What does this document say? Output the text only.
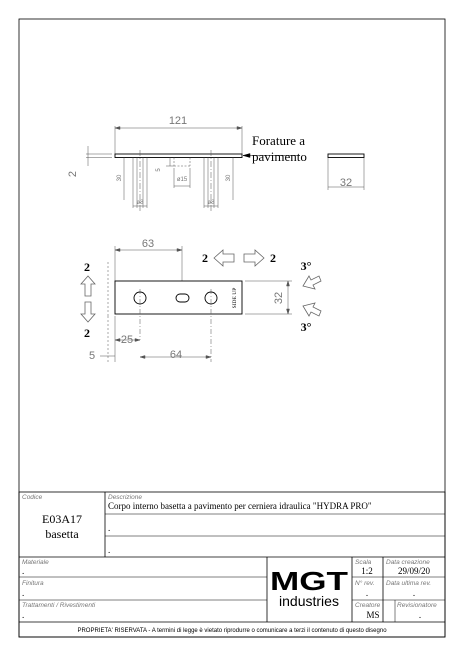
121
2
30	30
5
ø15
ø8	ø8
Forature a
pavimento
32
63
25
64
5
32
SIDE UP
2
2
2	2
3°
3°
Codice
E03A17
basetta
Descrizione
Corpo interno basetta a pavimento per cerniera idraulica "HYDRA PRO"
.
.
Materiale
.
Finitura
.
Trattamenti / Rivestimenti
.
MGT
industries
Scala
1:2
Data creazione
29/09/20
N° rev.
.
Data ultima rev.
.
Creatore
MS
Revisionatore
.
PROPRIETA' RISERVATA - A termini di legge è vietato riprodurre o comunicare a terzi il contenuto di questo disegno
